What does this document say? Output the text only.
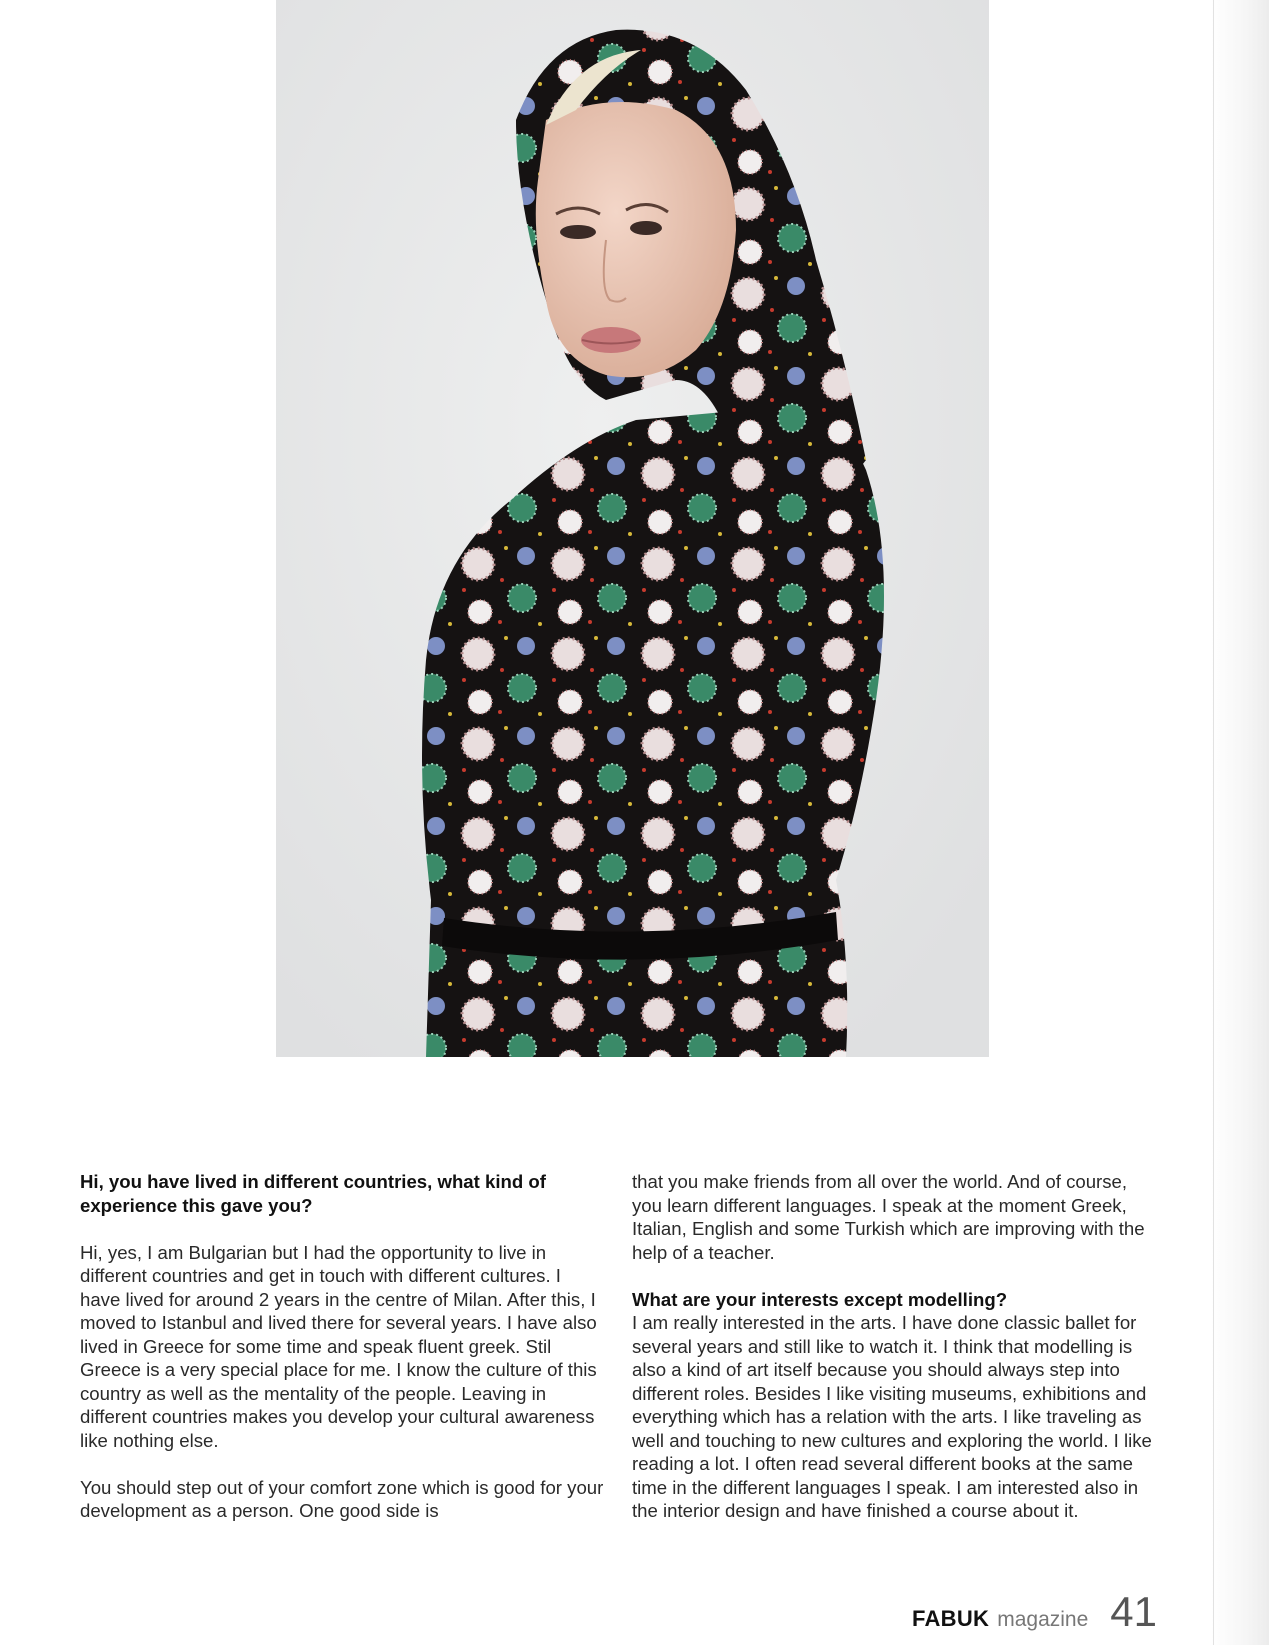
Hi, you have lived in different countries, what kind of experience this gave you?

Hi, yes, I am Bulgarian but I had the opportunity to live in different countries and get in touch with different cultures. I have lived for around 2 years in the centre of Milan. After this, I moved to Istanbul and lived there for several years. I have also lived in Greece for some time and speak fluent greek. Stil Greece is a very special place for me. I know the culture of this country as well as the mentality of the people. Leaving in different countries makes you develop your cultural awareness like nothing else.

You should step out of your comfort zone which is good for your development as a person. One good side is

that you make friends from all over the world. And of course, you learn different languages. I speak at the moment Greek, Italian, English and some Turkish which are improving with the help of a teacher.

What are your interests except modelling?

I am really interested in the arts. I have done classic ballet for several years and still like to watch it. I think that modelling is also a kind of art itself because you should always step into different roles. Besides I like visiting museums, exhibitions and everything which has a relation with the arts. I like traveling as well and touching to new cultures and exploring the world. I like reading a lot. I often read several different books at the same time in the different languages I speak. I am interested also in the interior design and have finished a course about it.

FABUK magazine 41
